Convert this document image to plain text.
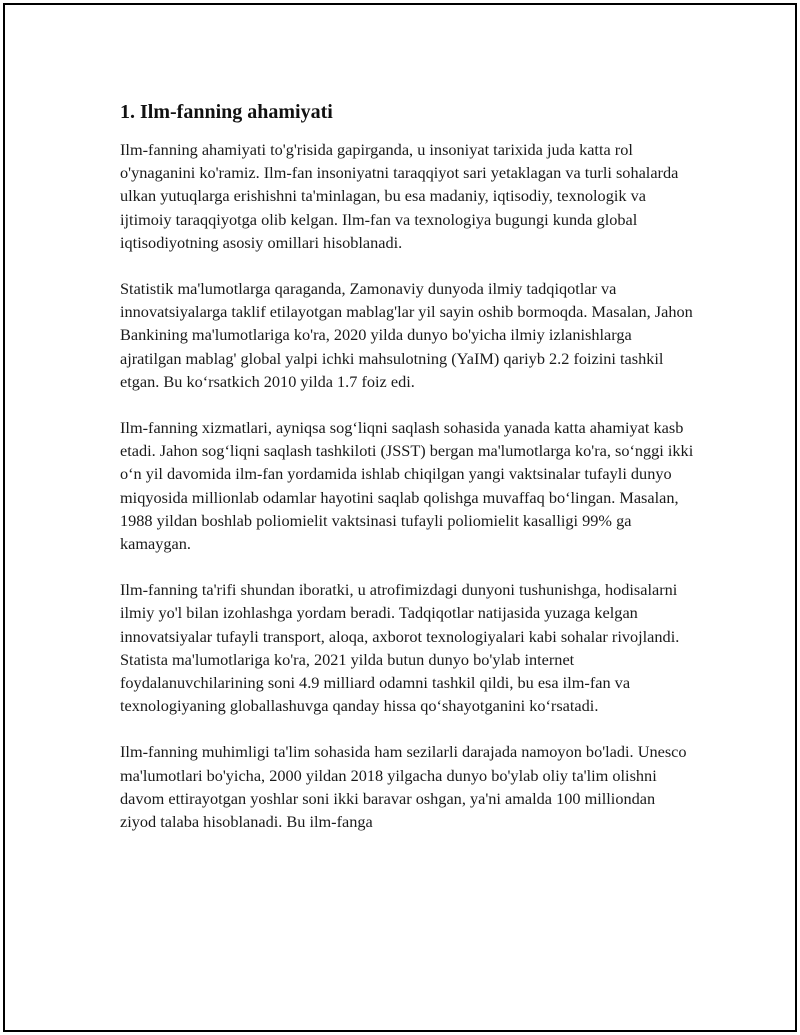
1. Ilm-fanning ahamiyati

Ilm-fanning ahamiyati to'g'risida gapirganda, u insoniyat tarixida juda katta rol o'ynaganini ko'ramiz. Ilm-fan insoniyatni taraqqiyot sari yetaklagan va turli sohalarda ulkan yutuqlarga erishishni ta'minlagan, bu esa madaniy, iqtisodiy, texnologik va ijtimoiy taraqqiyotga olib kelgan. Ilm-fan va texnologiya bugungi kunda global iqtisodiyotning asosiy omillari hisoblanadi.

Statistik ma'lumotlarga qaraganda, Zamonaviy dunyoda ilmiy tadqiqotlar va innovatsiyalarga taklif etilayotgan mablag'lar yil sayin oshib bormoqda. Masalan, Jahon Bankining ma'lumotlariga ko'ra, 2020 yilda dunyo bo'yicha ilmiy izlanishlarga ajratilgan mablag' global yalpi ichki mahsulotning (YaIM) qariyb 2.2 foizini tashkil etgan. Bu ko‘rsatkich 2010 yilda 1.7 foiz edi.

Ilm-fanning xizmatlari, ayniqsa sog‘liqni saqlash sohasida yanada katta ahamiyat kasb etadi. Jahon sog‘liqni saqlash tashkiloti (JSST) bergan ma'lumotlarga ko'ra, so‘nggi ikki o‘n yil davomida ilm-fan yordamida ishlab chiqilgan yangi vaktsinalar tufayli dunyo miqyosida millionlab odamlar hayotini saqlab qolishga muvaffaq bo‘lingan. Masalan, 1988 yildan boshlab poliomielit vaktsinasi tufayli poliomielit kasalligi 99% ga kamaygan.

Ilm-fanning ta'rifi shundan iboratki, u atrofimizdagi dunyoni tushunishga, hodisalarni ilmiy yo'l bilan izohlashga yordam beradi. Tadqiqotlar natijasida yuzaga kelgan innovatsiyalar tufayli transport, aloqa, axborot texnologiyalari kabi sohalar rivojlandi. Statista ma'lumotlariga ko'ra, 2021 yilda butun dunyo bo'ylab internet foydalanuvchilarining soni 4.9 milliard odamni tashkil qildi, bu esa ilm-fan va texnologiyaning globallashuvga qanday hissa qo‘shayotganini ko‘rsatadi.

Ilm-fanning muhimligi ta'lim sohasida ham sezilarli darajada namoyon bo'ladi. Unesco ma'lumotlari bo'yicha, 2000 yildan 2018 yilgacha dunyo bo'ylab oliy ta'lim olishni davom ettirayotgan yoshlar soni ikki baravar oshgan, ya'ni amalda 100 milliondan ziyod talaba hisoblanadi. Bu ilm-fanga
